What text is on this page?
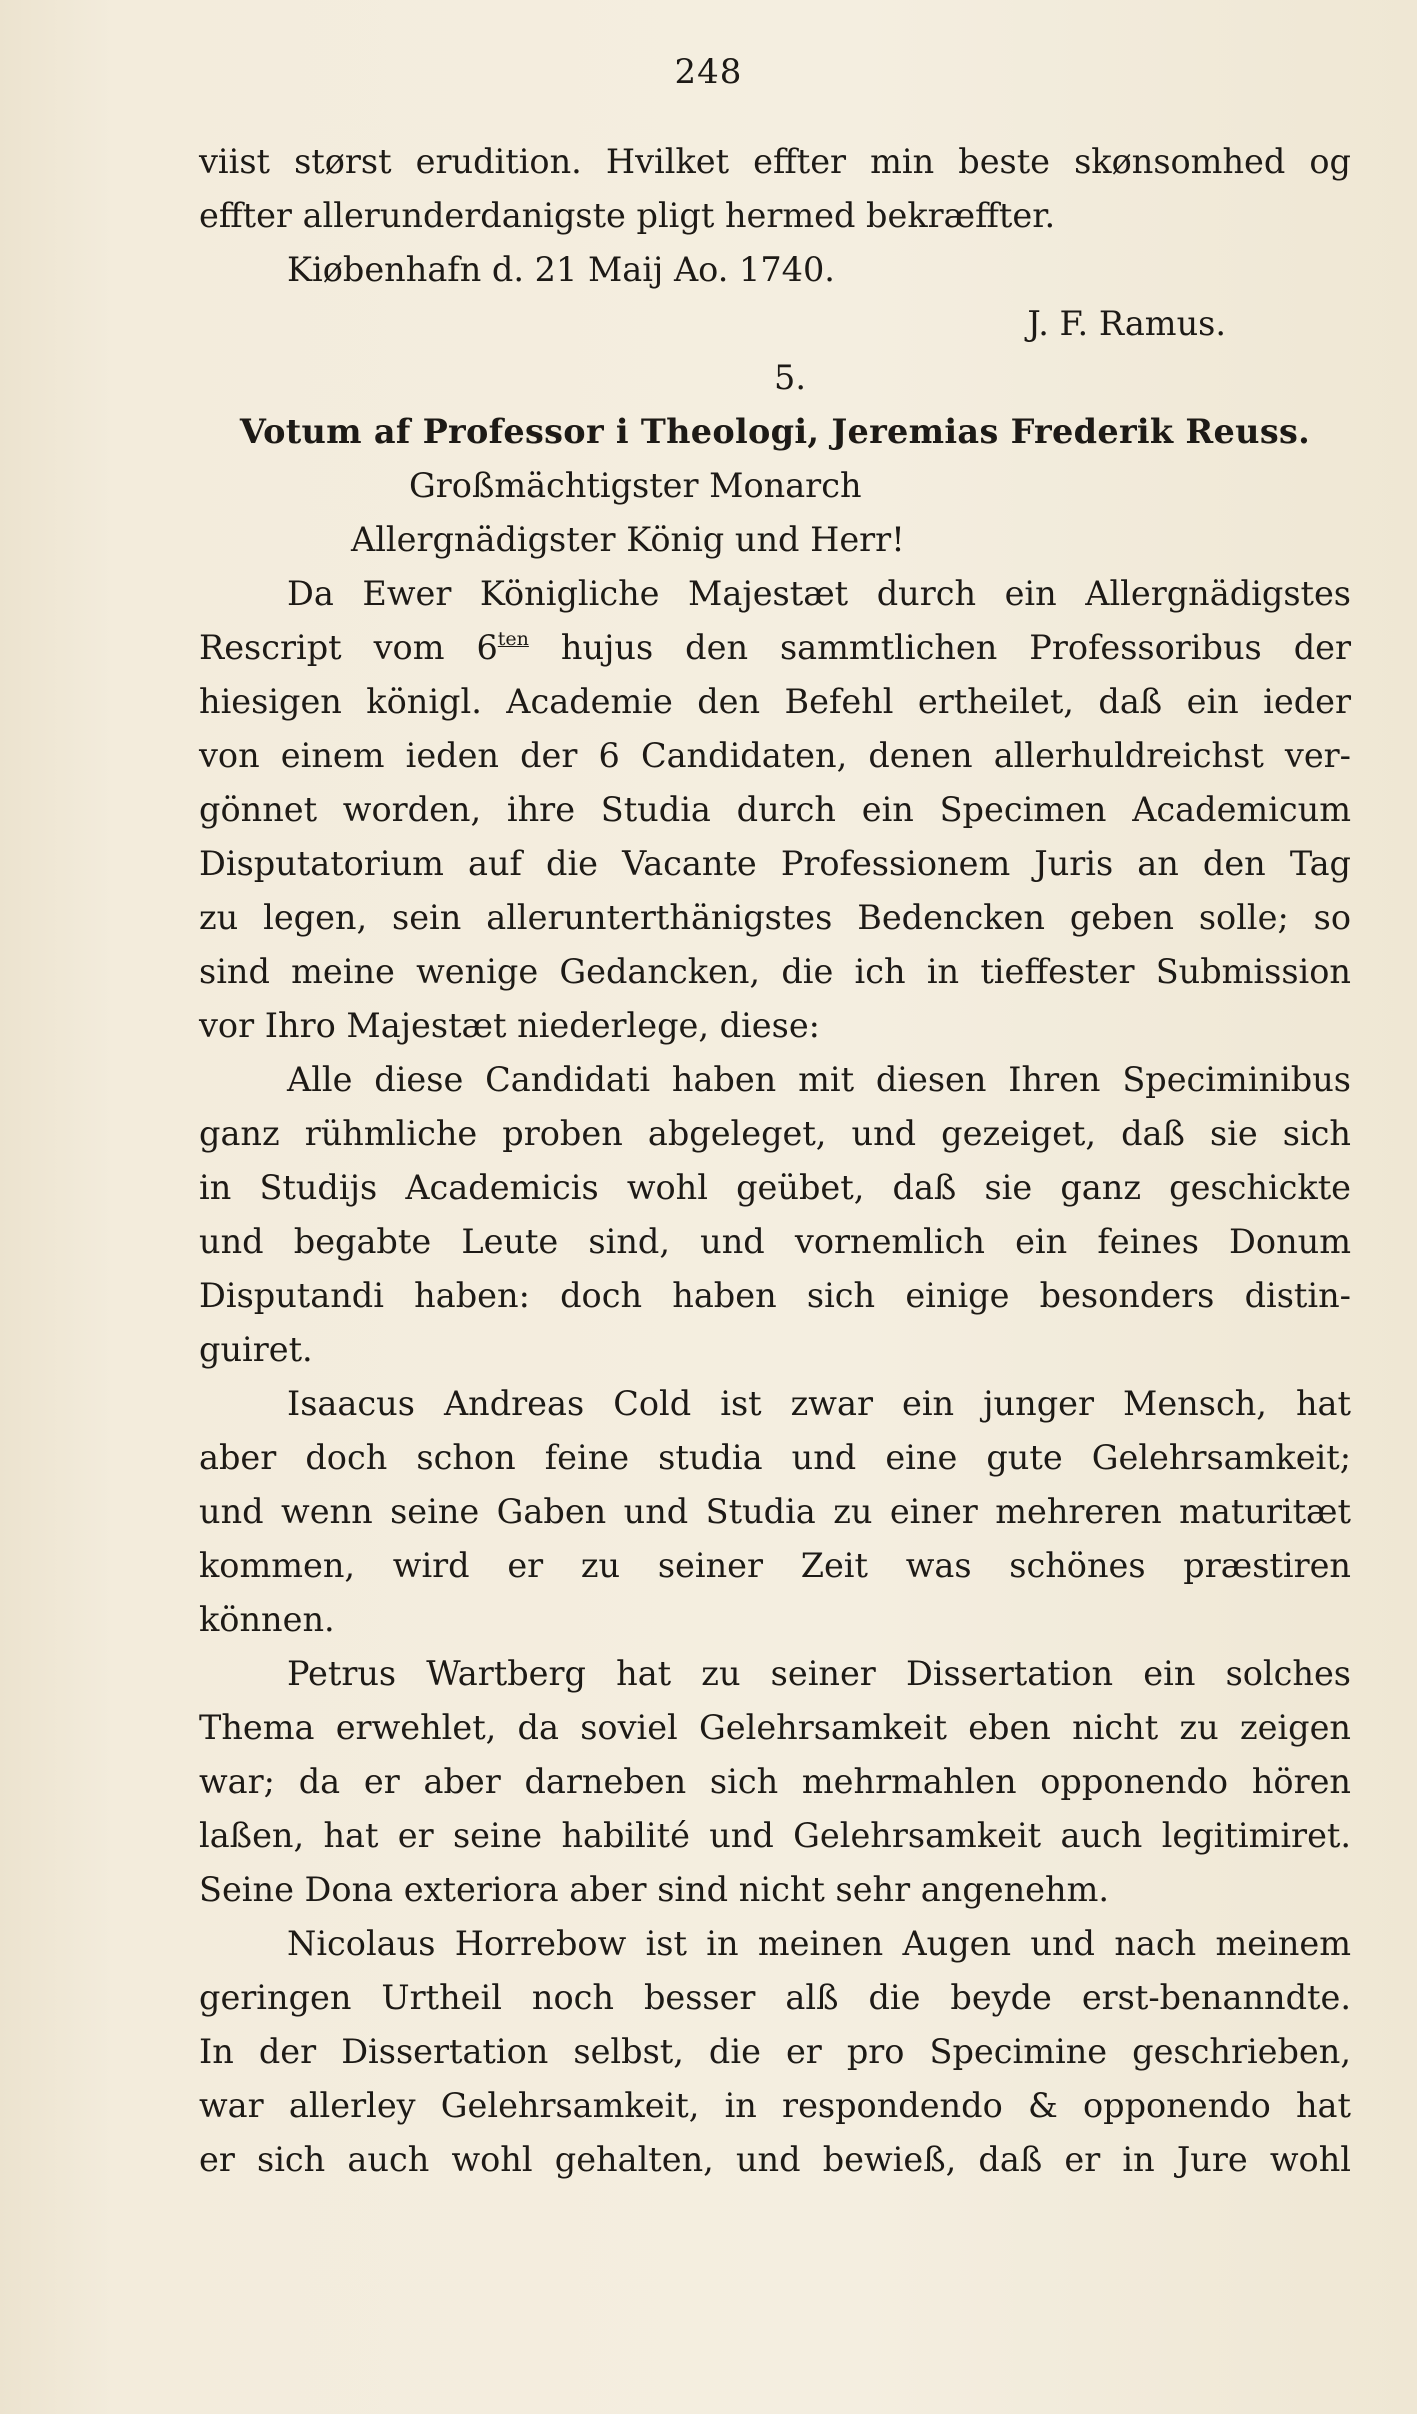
248
viist størst erudition. Hvilket effter min beste skønsomhed og
effter allerunderdanigste pligt hermed bekræffter.
Kiøbenhafn d. 21 Maij Ao. 1740.
J. F. Ramus.
5.
Votum af Professor i Theologi, Jeremias Frederik Reuss.
Großmächtigster Monarch
Allergnädigster König und Herr!
Da Ewer Königliche Majestæt durch ein Allergnädigstes
Rescript vom $6^{ten}$ hujus den sammtlichen Professoribus der
hiesigen königl. Academie den Befehl ertheilet, daß ein ieder
von einem ieden der 6 Candidaten, denen allerhuldreichst ver-
gönnet worden, ihre Studia durch ein Specimen Academicum
Disputatorium auf die Vacante Professionem Juris an den Tag
zu legen, sein allerunterthänigstes Bedencken geben solle; so
sind meine wenige Gedancken, die ich in tieffester Submission
vor Ihro Majestæt niederlege, diese:
Alle diese Candidati haben mit diesen Ihren Speciminibus
ganz rühmliche proben abgeleget, und gezeiget, daß sie sich
in Studijs Academicis wohl geübet, daß sie ganz geschickte
und begabte Leute sind, und vornemlich ein feines Donum
Disputandi haben: doch haben sich einige besonders distin-
guiret.
Isaacus Andreas Cold ist zwar ein junger Mensch, hat
aber doch schon feine studia und eine gute Gelehrsamkeit;
und wenn seine Gaben und Studia zu einer mehreren maturitæt
kommen, wird er zu seiner Zeit was schönes præstiren
können.
Petrus Wartberg hat zu seiner Dissertation ein solches
Thema erwehlet, da soviel Gelehrsamkeit eben nicht zu zeigen
war; da er aber darneben sich mehrmahlen opponendo hören
laßen, hat er seine habilité und Gelehrsamkeit auch legitimiret.
Seine Dona exteriora aber sind nicht sehr angenehm.
Nicolaus Horrebow ist in meinen Augen und nach meinem
geringen Urtheil noch besser alß die beyde erst-benanndte.
In der Dissertation selbst, die er pro Specimine geschrieben,
war allerley Gelehrsamkeit, in respondendo & opponendo hat
er sich auch wohl gehalten, und bewieß, daß er in Jure wohl
